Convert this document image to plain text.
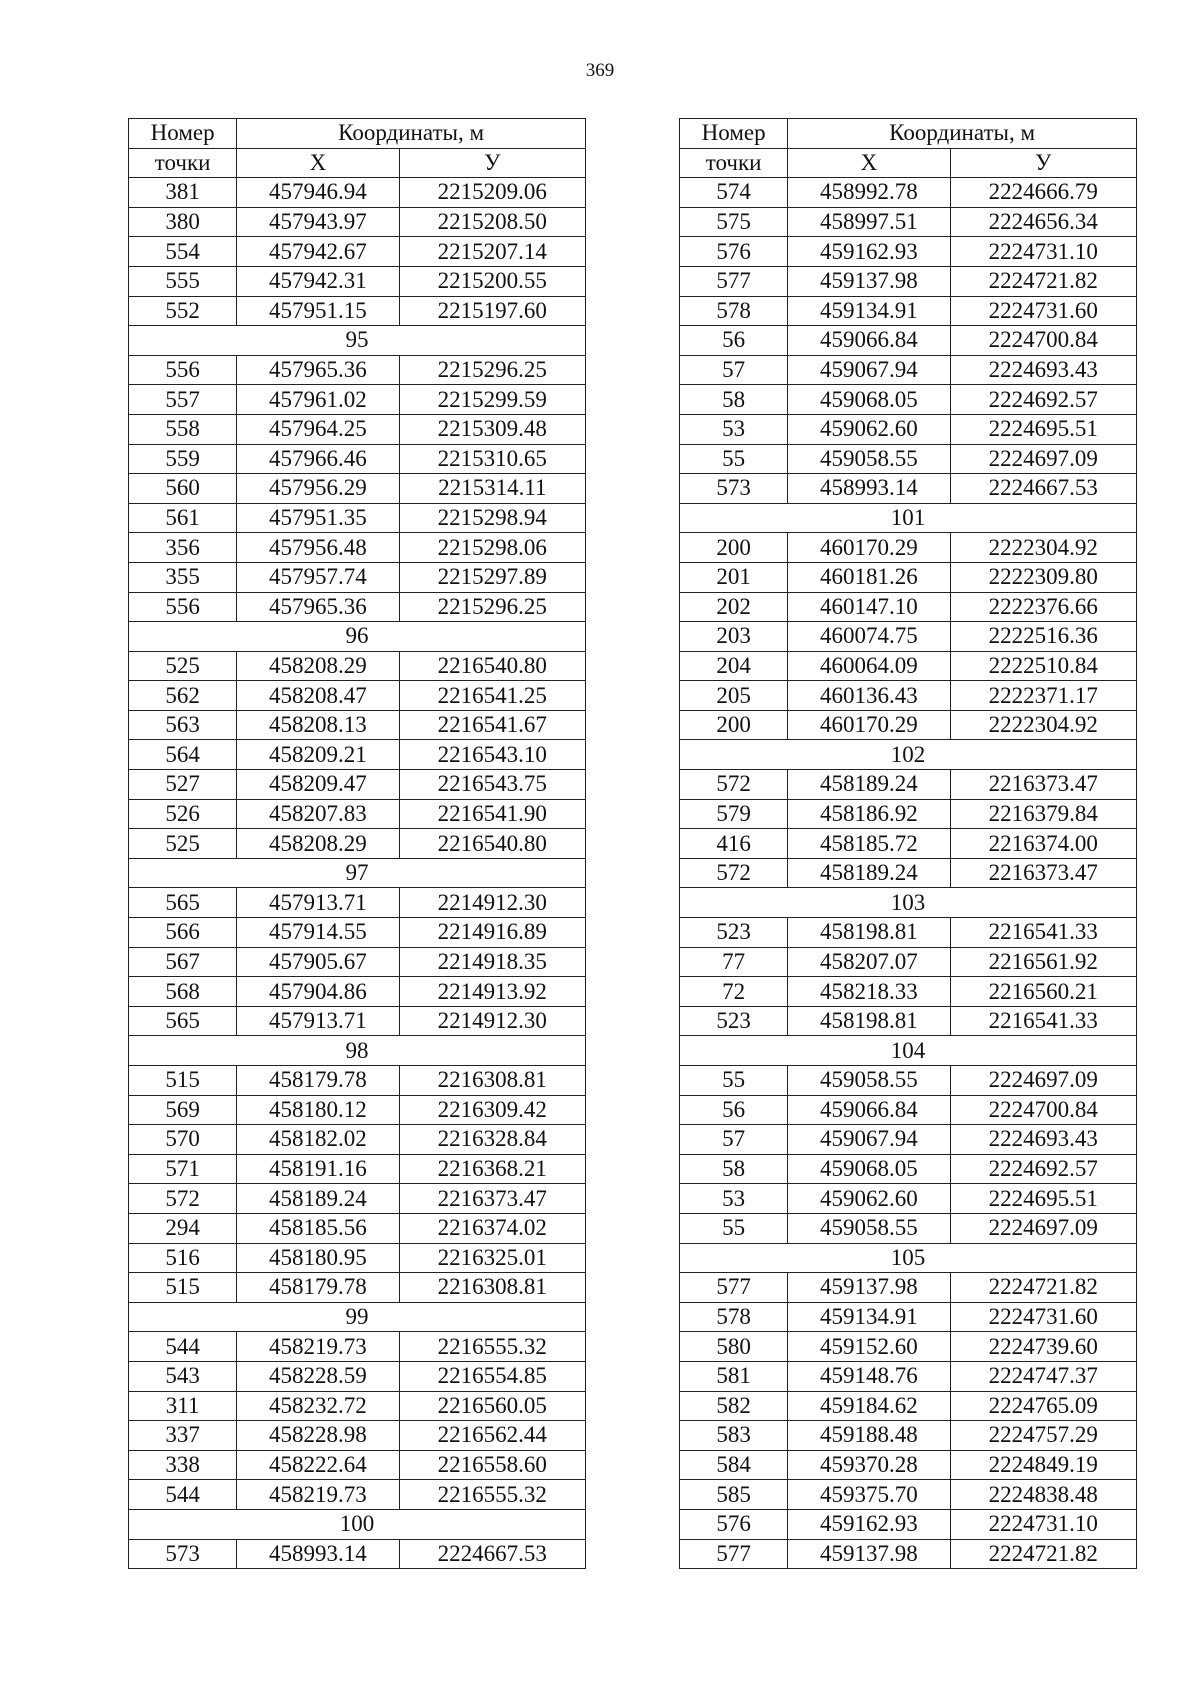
369
Номер	Координаты, м	
точки	X	У
381	457946.94	2215209.06
380	457943.97	2215208.50
554	457942.67	2215207.14
555	457942.31	2215200.55
552	457951.15	2215197.60
95		
556	457965.36	2215296.25
557	457961.02	2215299.59
558	457964.25	2215309.48
559	457966.46	2215310.65
560	457956.29	2215314.11
561	457951.35	2215298.94
356	457956.48	2215298.06
355	457957.74	2215297.89
556	457965.36	2215296.25
96		
525	458208.29	2216540.80
562	458208.47	2216541.25
563	458208.13	2216541.67
564	458209.21	2216543.10
527	458209.47	2216543.75
526	458207.83	2216541.90
525	458208.29	2216540.80
97		
565	457913.71	2214912.30
566	457914.55	2214916.89
567	457905.67	2214918.35
568	457904.86	2214913.92
565	457913.71	2214912.30
98		
515	458179.78	2216308.81
569	458180.12	2216309.42
570	458182.02	2216328.84
571	458191.16	2216368.21
572	458189.24	2216373.47
294	458185.56	2216374.02
516	458180.95	2216325.01
515	458179.78	2216308.81
99		
544	458219.73	2216555.32
543	458228.59	2216554.85
311	458232.72	2216560.05
337	458228.98	2216562.44
338	458222.64	2216558.60
544	458219.73	2216555.32
100		
573	458993.14	2224667.53
Номер	Координаты, м	
точки	X	У
574	458992.78	2224666.79
575	458997.51	2224656.34
576	459162.93	2224731.10
577	459137.98	2224721.82
578	459134.91	2224731.60
56	459066.84	2224700.84
57	459067.94	2224693.43
58	459068.05	2224692.57
53	459062.60	2224695.51
55	459058.55	2224697.09
573	458993.14	2224667.53
101		
200	460170.29	2222304.92
201	460181.26	2222309.80
202	460147.10	2222376.66
203	460074.75	2222516.36
204	460064.09	2222510.84
205	460136.43	2222371.17
200	460170.29	2222304.92
102		
572	458189.24	2216373.47
579	458186.92	2216379.84
416	458185.72	2216374.00
572	458189.24	2216373.47
103		
523	458198.81	2216541.33
77	458207.07	2216561.92
72	458218.33	2216560.21
523	458198.81	2216541.33
104		
55	459058.55	2224697.09
56	459066.84	2224700.84
57	459067.94	2224693.43
58	459068.05	2224692.57
53	459062.60	2224695.51
55	459058.55	2224697.09
105		
577	459137.98	2224721.82
578	459134.91	2224731.60
580	459152.60	2224739.60
581	459148.76	2224747.37
582	459184.62	2224765.09
583	459188.48	2224757.29
584	459370.28	2224849.19
585	459375.70	2224838.48
576	459162.93	2224731.10
577	459137.98	2224721.82
